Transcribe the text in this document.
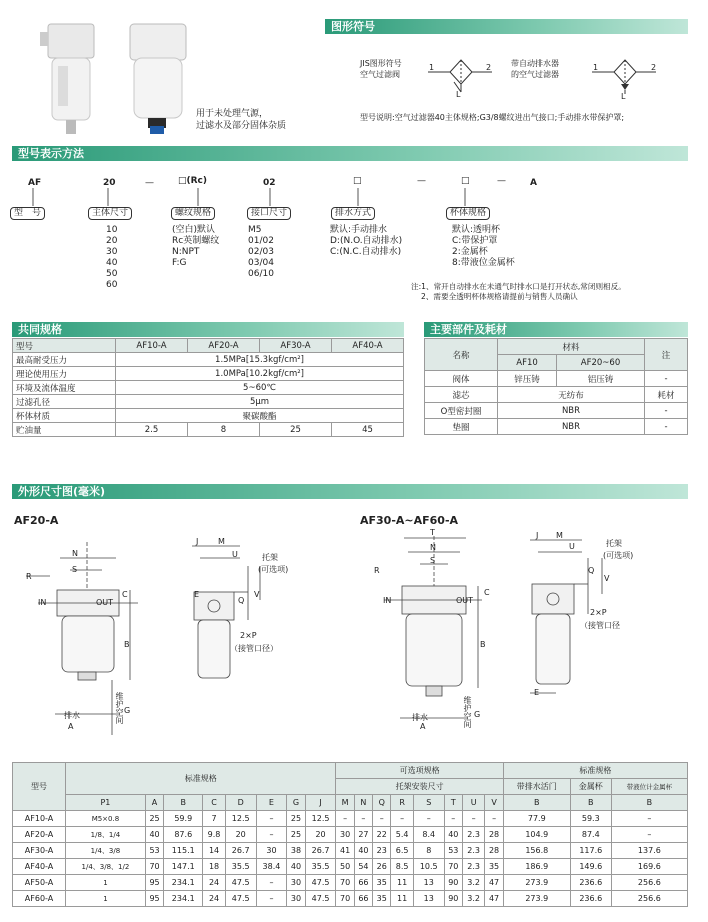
用于未处理气源，
过滤水及部分固体杂质
图形符号
JIS图形符号
空气过滤阀
1	2
L
带自动排水器
的空气过滤器
1	2
L
型号说明:空气过滤器40主体规格;G3/8螺纹进出气接口;手动排水带保护罩;
型号表示方法
AF	20	—	□(Rc)	02	□	—	□	—	A
型　号	主体尺寸	螺纹规格	接口尺寸	排水方式	杯体规格
10
20
30
40
50
60
(空白)默认
Rc英制螺纹
N:NPT
F:G
M5
01/02
02/03
03/04
06/10
默认:手动排水
D:(N.O.自动排水)
C:(N.C.自动排水)
默认:透明杯
C:带保护罩
2:金属杯
8:带液位金属杯
注:1、常开自动排水在未通气时排水口是打开状态,常闭则相反。
2、需要全透明杯体规格请提前与销售人员确认
共同规格
型号	AF10-A	AF20-A	AF30-A	AF40-A
最高耐受压力	1.5MPa[15.3kgf/cm²]			
理论使用压力	1.0MPa[10.2kgf/cm²]			
环境及流体温度	5~60℃			
过滤孔径	5μm			
杯体材质	聚碳酸酯			
贮油量	2.5	8	25	45
主要部件及耗材
名称	材料		注
	AF10	AF20~60	
阀体	锌压铸	铝压铸	-
滤芯	无纺布		耗材
O型密封圈	NBR		-
垫圈	NBR		-
外形尺寸图(毫米)
AF20-A	AF30-A~AF60-A
N
S
R
IN	OUT
C
B
排水
A
维护空间 G
J M
U
Q
V
E
托架
(可选项)
2×P
（接管口径）
T
N
S
R
IN	OUT
C
B
排水
A	维护空间 G
J M
U
Q
V
E
托架
(可选项)
2×P
（接管口径
型号	标准规格								可选项规格								标准规格		
									托架安装尺寸								带排水活门	金属杯	带液位计金属杯
	P1	A	B	C	D	E	G	J	M	N	Q	R	S	T	U	V	B	B	B
AF10-A	M5×0.8	25	59.9	7	12.5	–	25	12.5	–	–	–	–	–	–	–	–	77.9	59.3	–
AF20-A	1/8、1/4	40	87.6	9.8	20	–	25	20	30	27	22	5.4	8.4	40	2.3	28	104.9	87.4	–
AF30-A	1/4、3/8	53	115.1	14	26.7	30	38	26.7	41	40	23	6.5	8	53	2.3	28	156.8	117.6	137.6
AF40-A	1/4、3/8、1/2	70	147.1	18	35.5	38.4	40	35.5	50	54	26	8.5	10.5	70	2.3	35	186.9	149.6	169.6
AF50-A	1	95	234.1	24	47.5	–	30	47.5	70	66	35	11	13	90	3.2	47	273.9	236.6	256.6
AF60-A	1	95	234.1	24	47.5	–	30	47.5	70	66	35	11	13	90	3.2	47	273.9	236.6	256.6
